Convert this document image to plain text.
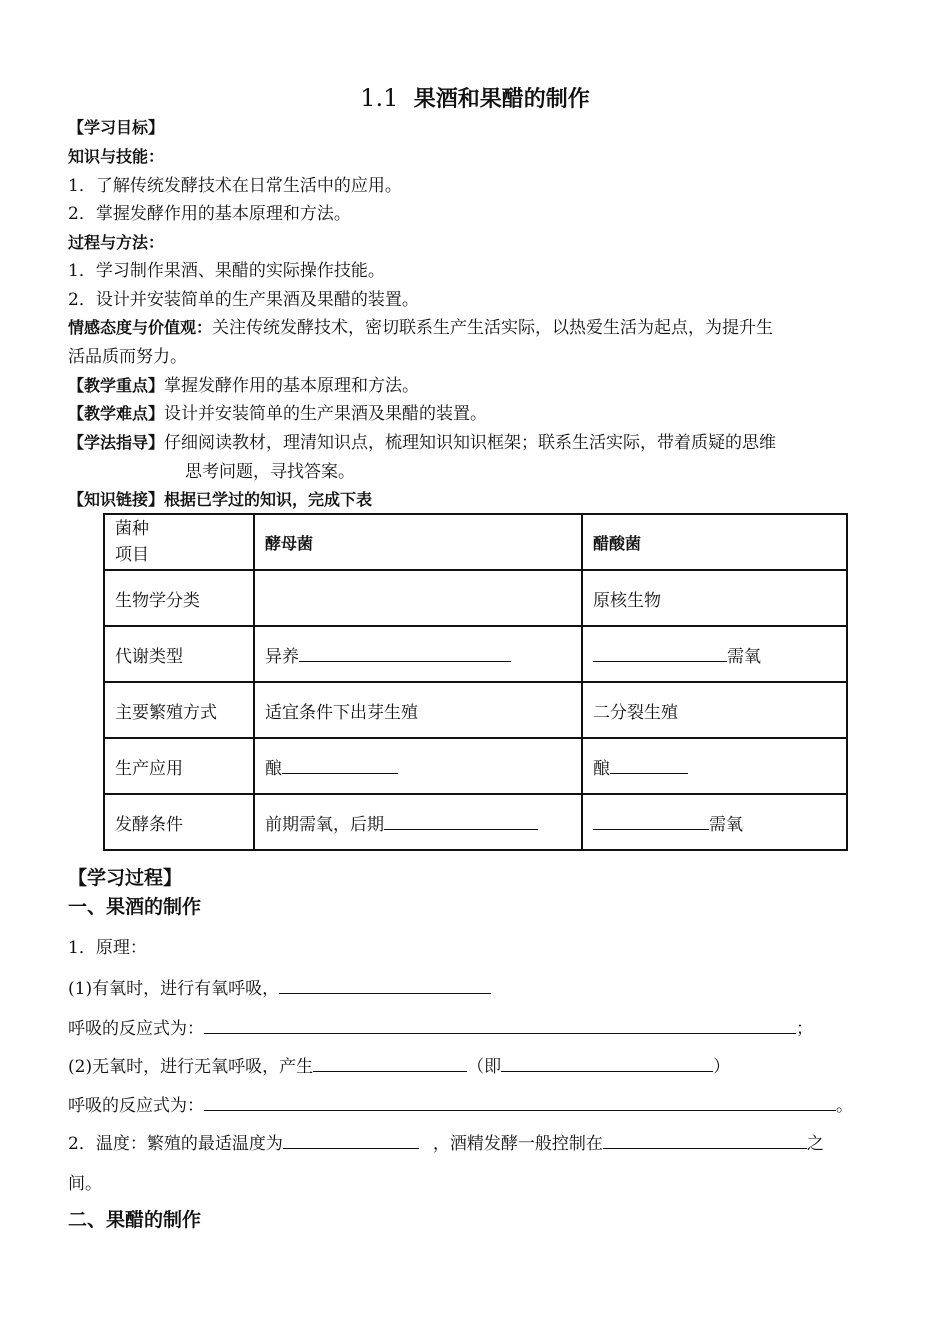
1.1 果酒和果醋的制作
【学习目标】
知识与技能：
1．了解传统发酵技术在日常生活中的应用。
2．掌握发酵作用的基本原理和方法。
过程与方法：
1．学习制作果酒、果醋的实际操作技能。
2．设计并安装简单的生产果酒及果醋的装置。
情感态度与价值观：关注传统发酵技术，密切联系生产生活实际，以热爱生活为起点，为提升生
活品质而努力。
【教学重点】掌握发酵作用的基本原理和方法。
【教学难点】设计并安装简单的生产果酒及果醋的装置。
【学法指导】仔细阅读教材，理清知识点，梳理知识知识框架；联系生活实际，带着质疑的思维
思考问题，寻找答案。
【知识链接】根据已学过的知识，完成下表
菌种
项目	酵母菌	醋酸菌
生物学分类		原核生物
代谢类型	异养	需氧
主要繁殖方式	适宜条件下出芽生殖	二分裂生殖
生产应用	酿	酿
发酵条件	前期需氧，后期	需氧
【学习过程】
一、果酒的制作
1．原理：
(1)有氧时，进行有氧呼吸，
呼吸的反应式为：	；
(2)无氧时，进行无氧呼吸，产生	（即	）
呼吸的反应式为：	。
2．温度：繁殖的最适温度为	，酒精发酵一般控制在	之
间。
二、果醋的制作
